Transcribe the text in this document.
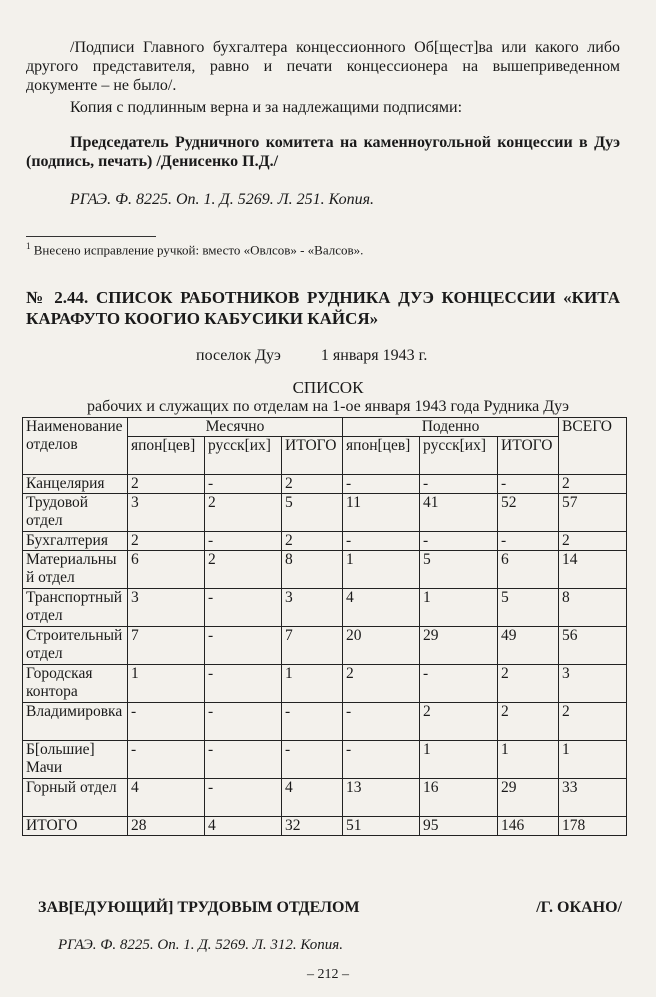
/Подписи Главного бухгалтера концессионного Об[щест]ва или какого либо другого представителя, равно и печати концессионера на вышеприведенном документе – не было/.

Копия с подлинным верна и за надлежащими подписями:

Председатель Рудничного комитета на каменноугольной концессии в Дуэ (подпись, печать) /Денисенко П.Д./

РГАЭ. Ф. 8225. Оп. 1. Д. 5269. Л. 251. Копия.

$^1$ Внесено исправление ручкой: вместо «Овлсов» - «Валсов».
№ 2.44. СПИСОК РАБОТНИКОВ РУДНИКА ДУЭ КОНЦЕССИИ «КИТА КАРАФУТО КООГИО КАБУСИКИ КАЙСЯ»
поселок Дуэ	1 января 1943 г.
СПИСОК
рабочих и служащих по отделам на 1-ое января 1943 года Рудника Дуэ
Наименование отделов	Месячно			Поденно			ВСЕГО
	япон[цев]	русск[их]	ИТОГО	япон[цев]	русск[их]	ИТОГО	
Канцелярия	2	-	2	-	-	-	2
Трудовой отдел	3	2	5	11	41	52	57
Бухгалтерия	2	-	2	-	-	-	2
Материальный отдел	6	2	8	1	5	6	14
Транспортный отдел	3	-	3	4	1	5	8
Строительный отдел	7	-	7	20	29	49	56
Городская контора	1	-	1	2	-	2	3
Владимировка	-	-	-	-	2	2	2
Б[ольшие] Мачи	-	-	-	-	1	1	1
Горный отдел	4	-	4	13	16	29	33
ИТОГО	28	4	32	51	95	146	178
ЗАВ[ЕДУЮЩИЙ] ТРУДОВЫМ ОТДЕЛОМ	/Г. ОКАНО/
РГАЭ. Ф. 8225. Оп. 1. Д. 5269. Л. 312. Копия.
– 212 –
